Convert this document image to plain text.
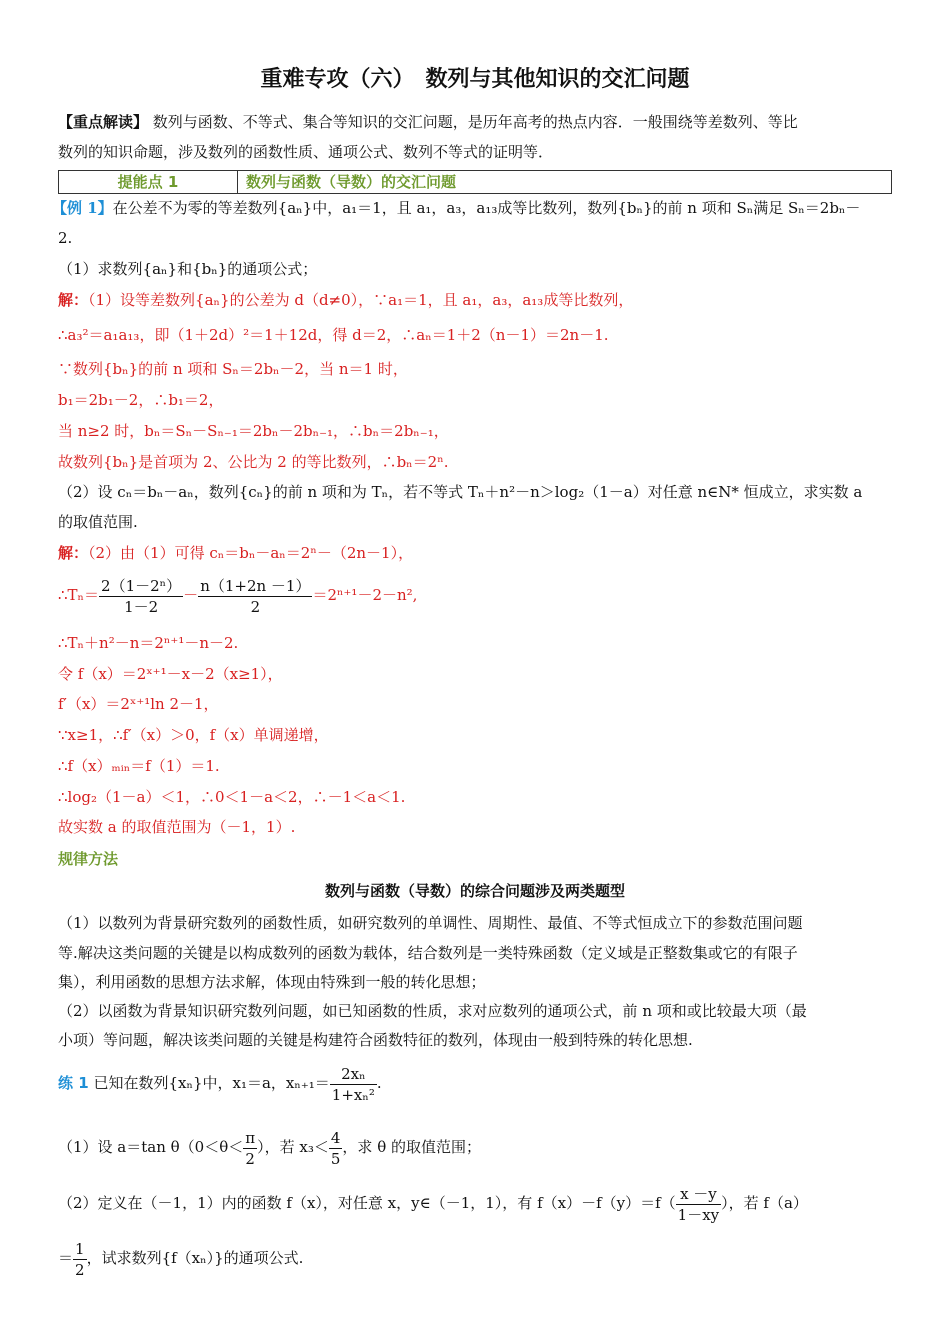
重难专攻（六）　数列与其他知识的交汇问题
【重点解读】 数列与函数、不等式、集合等知识的交汇问题，是历年高考的热点内容．一般围绕等差数列、等比
数列的知识命题，涉及数列的函数性质、通项公式、数列不等式的证明等．
提能点 1	数列与函数（导数）的交汇问题
【例 1】在公差不为零的等差数列{aₙ}中，a₁＝1，且 a₁，a₃，a₁₃成等比数列，数列{bₙ}的前 n 项和 Sₙ满足 Sₙ＝2bₙ－
2.
（1）求数列{aₙ}和{bₙ}的通项公式；
解：（1）设等差数列{aₙ}的公差为 d（d≠0），∵a₁＝1，且 a₁，a₃，a₁₃成等比数列，
∴a₃²＝a₁a₁₃，即（1＋2d）²＝1＋12d，得 d＝2，∴aₙ＝1＋2（n－1）＝2n－1.
∵数列{bₙ}的前 n 项和 Sₙ＝2bₙ－2，当 n＝1 时，
b₁＝2b₁－2，∴b₁＝2，
当 n≥2 时，bₙ＝Sₙ－Sₙ₋₁＝2bₙ－2bₙ₋₁，∴bₙ＝2bₙ₋₁，
故数列{bₙ}是首项为 2、公比为 2 的等比数列，∴bₙ＝2ⁿ.
（2）设 cₙ＝bₙ－aₙ，数列{cₙ}的前 n 项和为 Tₙ，若不等式 Tₙ＋n²－n＞log₂（1－a）对任意 n∈N* 恒成立，求实数 a
的取值范围.
解：（2）由（1）可得 cₙ＝bₙ－aₙ＝2ⁿ－（2n－1），
∴Tₙ＝ $\frac{\text{2（1－2ⁿ）}}{1-2} - \frac{n(1+2n -1)}{2} =2^{n+1}-2-n^2$,
∴Tₙ＋n²－n＝2ⁿ⁺¹－n－2.
令 f（x）＝2ˣ⁺¹－x－2（x≥1），
f′（x）＝2ˣ⁺¹ln 2－1，
∵x≥1，∴f′（x）＞0，f（x）单调递增，
∴f（x）ₘᵢₙ＝f（1）＝1.
∴log₂（1－a）＜1，∴0＜1－a＜2，∴－1＜a＜1.
故实数 a 的取值范围为（－1，1）.
规律方法
数列与函数（导数）的综合问题涉及两类题型
（1）以数列为背景研究数列的函数性质，如研究数列的单调性、周期性、最值、不等式恒成立下的参数范围问题
等.解决这类问题的关键是以构成数列的函数为载体，结合数列是一类特殊函数（定义域是正整数集或它的有限子
集），利用函数的思想方法求解，体现由特殊到一般的转化思想；
（2）以函数为背景知识研究数列问题，如已知函数的性质，求对应数列的通项公式，前 n 项和或比较最大项（最
小项）等问题，解决该类问题的关键是构建符合函数特征的数列，体现由一般到特殊的转化思想.
练 1 已知在数列{xₙ}中，x₁＝a，$x_{n+1}= \frac{\text{2xₙ}}{\text{1+xₙ²}}$ .
（1）设 a＝tan $\theta(0<\theta< \frac{\pi}{2}$ ），若 $x_3< \frac{4}{5}$ ，求 θ 的取值范围；
（2）定义在（－1，1）内的函数 f（x），对任意 x，y∈（－1，1），有 $f(x)-f(y)=f( \frac{x -y}{1-xy}$ ），若 f（a）
＝ $\frac{1}{2}$ ，试求数列{f（xₙ）}的通项公式.
